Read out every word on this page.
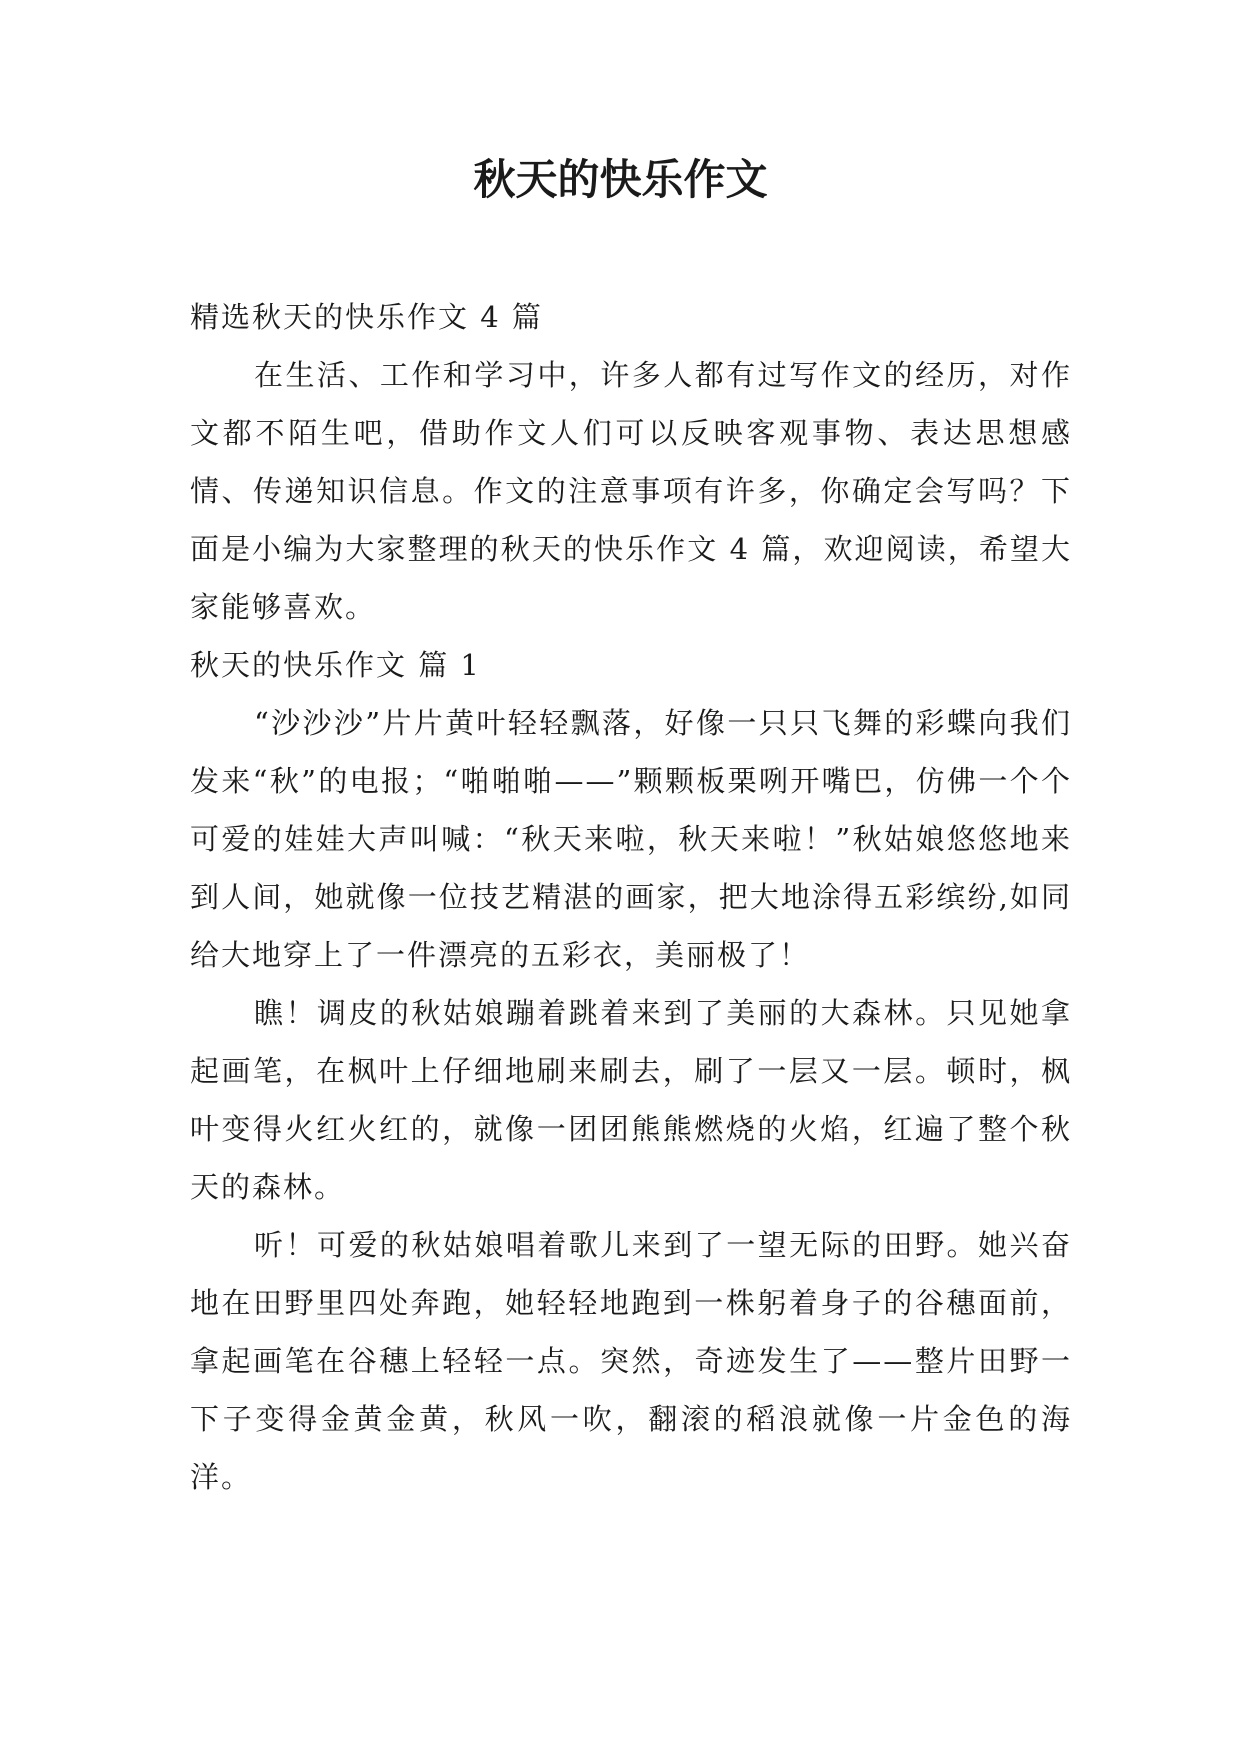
秋天的快乐作文

精选秋天的快乐作文 4 篇

在生活、工作和学习中，许多人都有过写作文的经历，对作文都不陌生吧，借助作文人们可以反映客观事物、表达思想感情、传递知识信息。作文的注意事项有许多，你确定会写吗？下面是小编为大家整理的秋天的快乐作文 4 篇，欢迎阅读，希望大家能够喜欢。

秋天的快乐作文 篇 1

“沙沙沙”片片黄叶轻轻飘落，好像一只只飞舞的彩蝶向我们发来“秋”的电报；“啪啪啪——”颗颗板栗咧开嘴巴，仿佛一个个可爱的娃娃大声叫喊：“秋天来啦，秋天来啦！”秋姑娘悠悠地来到人间，她就像一位技艺精湛的画家，把大地涂得五彩缤纷,如同给大地穿上了一件漂亮的五彩衣，美丽极了！

瞧！调皮的秋姑娘蹦着跳着来到了美丽的大森林。只见她拿起画笔，在枫叶上仔细地刷来刷去，刷了一层又一层。顿时，枫叶变得火红火红的，就像一团团熊熊燃烧的火焰，红遍了整个秋天的森林。

听！可爱的秋姑娘唱着歌儿来到了一望无际的田野。她兴奋地在田野里四处奔跑，她轻轻地跑到一株躬着身子的谷穗面前，拿起画笔在谷穗上轻轻一点。突然，奇迹发生了——整片田野一下子变得金黄金黄，秋风一吹，翻滚的稻浪就像一片金色的海洋。
